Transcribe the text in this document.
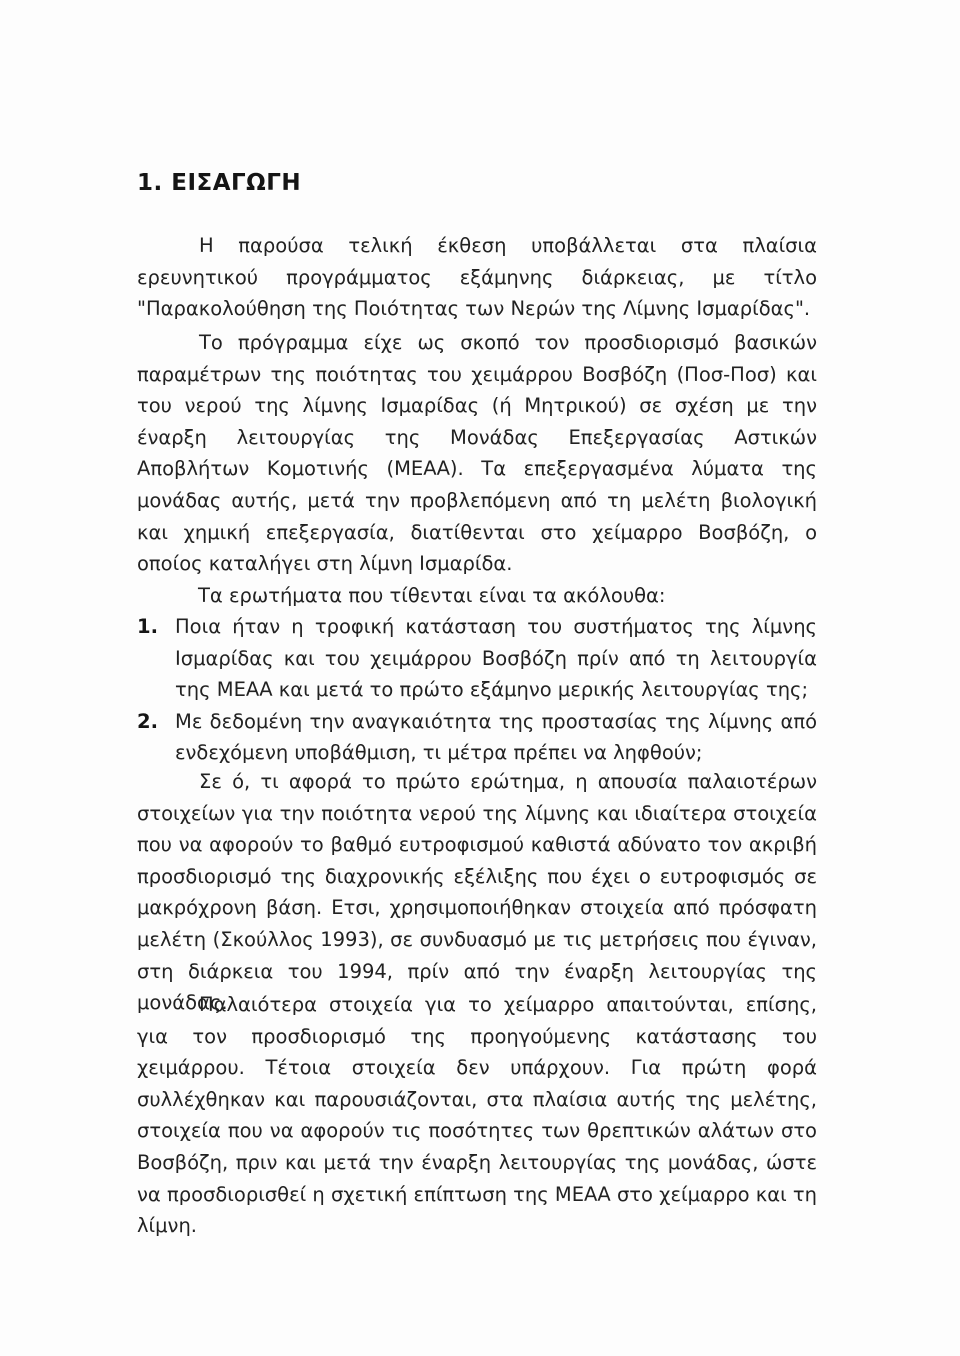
1. ΕΙΣΑΓΩΓΗ
Η παρούσα τελική έκθεση υποβάλλεται στα πλαίσια ερευνητικού προγράμματος εξάμηνης διάρκειας, με τίτλο "Παρακολούθηση της Ποιότητας των Νερών της Λίμνης Ισμαρίδας".
Το πρόγραμμα είχε ως σκοπό τον προσδιορισμό βασικών παραμέτρων της ποιότητας του χειμάρρου Βοσβόζη (Ποσ-Ποσ) και του νερού της λίμνης Ισμαρίδας (ή Μητρικού) σε σχέση με την έναρξη λειτουργίας της Μονάδας Επεξεργασίας Αστικών Αποβλήτων Κομοτινής (ΜΕΑΑ). Τα επεξεργασμένα λύματα της μονάδας αυτής, μετά την προβλεπόμενη από τη μελέτη βιολογική και χημική επεξεργασία, διατίθενται στο χείμαρρο Βοσβόζη, ο οποίος καταλήγει στη λίμνη Ισμαρίδα.
Τα ερωτήματα που τίθενται είναι τα ακόλουθα:
1. Ποια ήταν η τροφική κατάσταση του συστήματος της λίμνης Ισμαρίδας και του χειμάρρου Βοσβόζη πρίν από τη λειτουργία της ΜΕΑΑ και μετά το πρώτο εξάμηνο μερικής λειτουργίας της;
2. Με δεδομένη την αναγκαιότητα της προστασίας της λίμνης από ενδεχόμενη υποβάθμιση, τι μέτρα πρέπει να ληφθούν;
Σε ό, τι αφορά το πρώτο ερώτημα, η απουσία παλαιοτέρων στοιχείων για την ποιότητα νερού της λίμνης και ιδιαίτερα στοιχεία που να αφορούν το βαθμό ευτροφισμού καθιστά αδύνατο τον ακριβή προσδιορισμό της διαχρονικής εξέλιξης που έχει ο ευτροφισμός σε μακρόχρονη βάση. Ετσι, χρησιμοποιήθηκαν στοιχεία από πρόσφατη μελέτη (Σκούλλος 1993), σε συνδυασμό με τις μετρήσεις που έγιναν, στη διάρκεια του 1994, πρίν από την έναρξη λειτουργίας της μονάδας.
Παλαιότερα στοιχεία για το χείμαρρο απαιτούνται, επίσης, για τον προσδιορισμό της προηγούμενης κατάστασης του χειμάρρου. Τέτοια στοιχεία δεν υπάρχουν. Για πρώτη φορά συλλέχθηκαν και παρουσιάζονται, στα πλαίσια αυτής της μελέτης, στοιχεία που να αφορούν τις ποσότητες των θρεπτικών αλάτων στο Βοσβόζη, πριν και μετά την έναρξη λειτουργίας της μονάδας, ώστε να προσδιορισθεί η σχετική επίπτωση της ΜΕΑΑ στο χείμαρρο και τη λίμνη.
